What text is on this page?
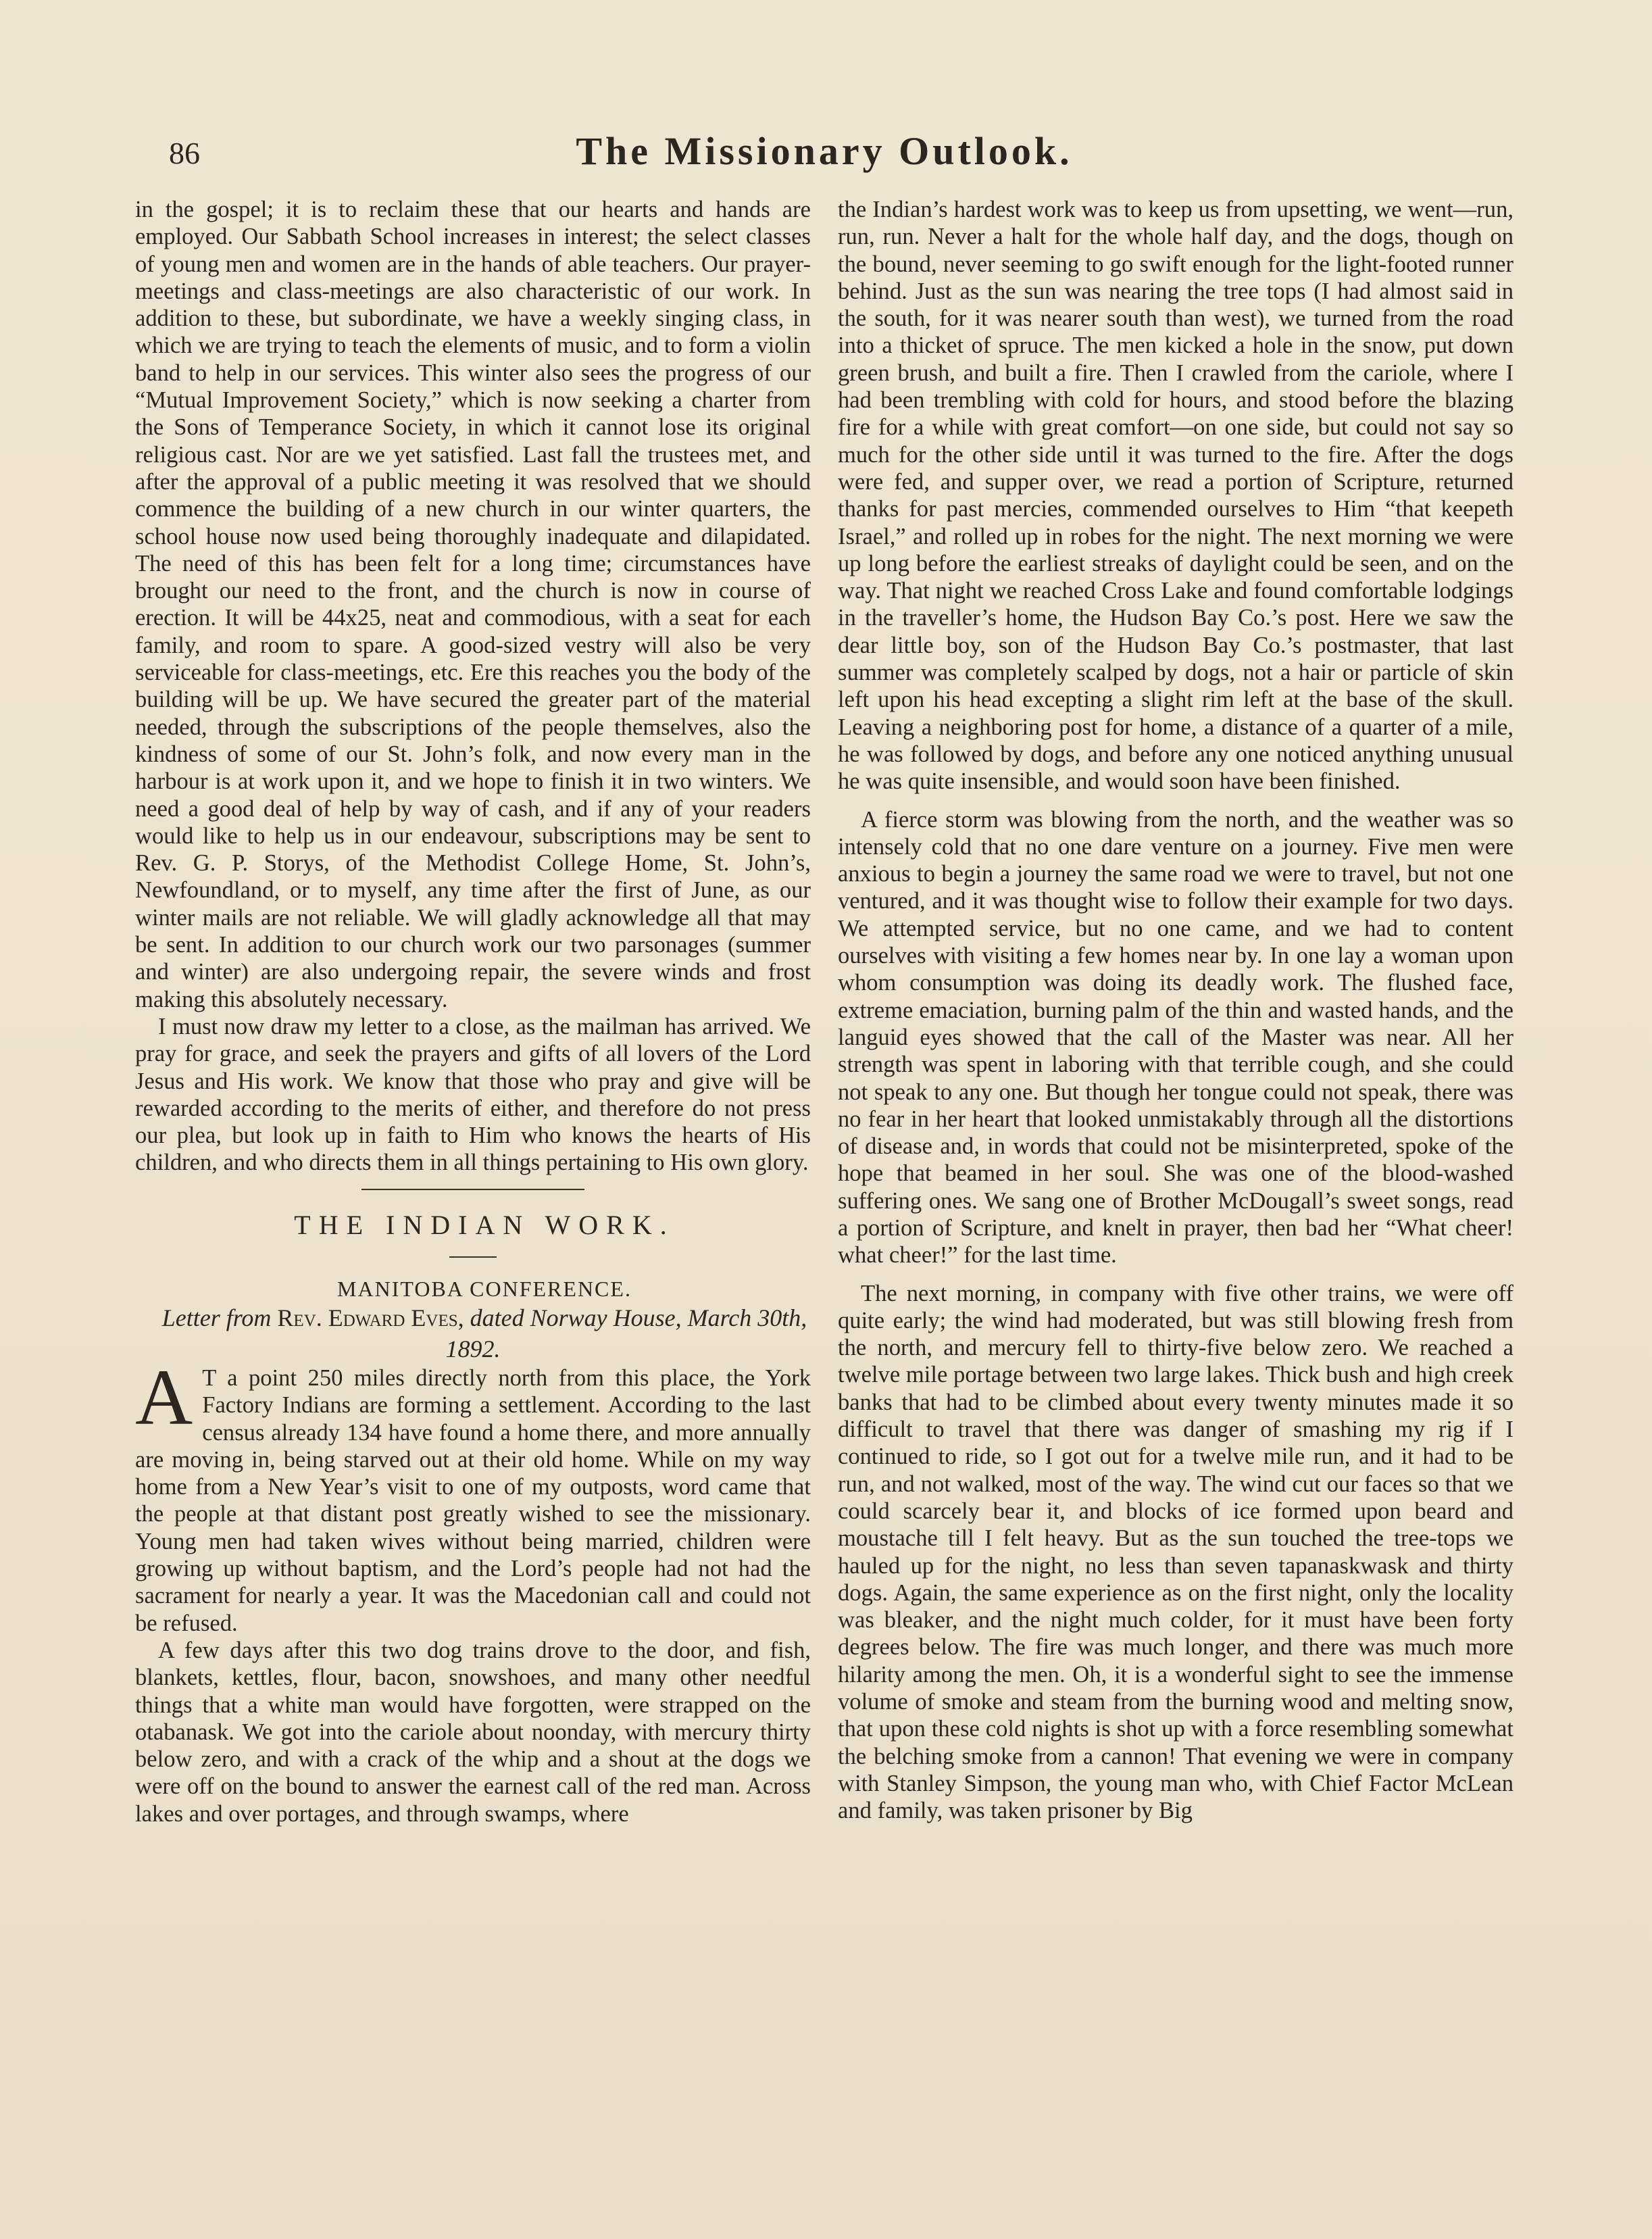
86	The Missionary Outlook.

in the gospel; it is to reclaim these that our hearts and hands are employed. Our Sabbath School increases in interest; the select classes of young men and women are in the hands of able teachers. Our prayer-meetings and class-meetings are also characteristic of our work. In addition to these, but subordinate, we have a weekly singing class, in which we are trying to teach the elements of music, and to form a violin band to help in our services. This winter also sees the progress of our “Mutual Improvement Society,” which is now seeking a charter from the Sons of Temperance Society, in which it cannot lose its original religious cast. Nor are we yet satisfied. Last fall the trustees met, and after the approval of a public meeting it was resolved that we should commence the building of a new church in our winter quarters, the school house now used being thoroughly inadequate and dilapidated. The need of this has been felt for a long time; circumstances have brought our need to the front, and the church is now in course of erection. It will be 44x25, neat and commodious, with a seat for each family, and room to spare. A good-sized vestry will also be very serviceable for class-meetings, etc. Ere this reaches you the body of the building will be up. We have secured the greater part of the material needed, through the subscriptions of the people themselves, also the kindness of some of our St. John’s folk, and now every man in the harbour is at work upon it, and we hope to finish it in two winters. We need a good deal of help by way of cash, and if any of your readers would like to help us in our endeavour, subscriptions may be sent to Rev. G. P. Storys, of the Methodist College Home, St. John’s, Newfoundland, or to myself, any time after the first of June, as our winter mails are not reliable. We will gladly acknowledge all that may be sent. In addition to our church work our two parsonages (summer and winter) are also undergoing repair, the severe winds and frost making this absolutely necessary.

I must now draw my letter to a close, as the mailman has arrived. We pray for grace, and seek the prayers and gifts of all lovers of the Lord Jesus and His work. We know that those who pray and give will be rewarded according to the merits of either, and therefore do not press our plea, but look up in faith to Him who knows the hearts of His children, and who directs them in all things pertaining to His own glory.

THE INDIAN WORK.

MANITOBA CONFERENCE.

Letter from Rev. Edward Eves, dated Norway House, March 30th, 1892.

A T a point 250 miles directly north from this place, the York Factory Indians are forming a settlement. According to the last census already 134 have found a home there, and more annually are moving in, being starved out at their old home. While on my way home from a New Year’s visit to one of my outposts, word came that the people at that distant post greatly wished to see the missionary. Young men had taken wives without being married, children were growing up without baptism, and the Lord’s people had not had the sacrament for nearly a year. It was the Macedonian call and could not be refused.

A few days after this two dog trains drove to the door, and fish, blankets, kettles, flour, bacon, snowshoes, and many other needful things that a white man would have forgotten, were strapped on the otabanask. We got into the cariole about noonday, with mercury thirty below zero, and with a crack of the whip and a shout at the dogs we were off on the bound to answer the earnest call of the red man. Across lakes and over portages, and through swamps, where

the Indian’s hardest work was to keep us from upsetting, we went—run, run, run. Never a halt for the whole half day, and the dogs, though on the bound, never seeming to go swift enough for the light-footed runner behind. Just as the sun was nearing the tree tops (I had almost said in the south, for it was nearer south than west), we turned from the road into a thicket of spruce. The men kicked a hole in the snow, put down green brush, and built a fire. Then I crawled from the cariole, where I had been trembling with cold for hours, and stood before the blazing fire for a while with great comfort—on one side, but could not say so much for the other side until it was turned to the fire. After the dogs were fed, and supper over, we read a portion of Scripture, returned thanks for past mercies, commended ourselves to Him “that keepeth Israel,” and rolled up in robes for the night. The next morning we were up long before the earliest streaks of daylight could be seen, and on the way. That night we reached Cross Lake and found comfortable lodgings in the traveller’s home, the Hudson Bay Co.’s post. Here we saw the dear little boy, son of the Hudson Bay Co.’s postmaster, that last summer was completely scalped by dogs, not a hair or particle of skin left upon his head excepting a slight rim left at the base of the skull. Leaving a neighboring post for home, a distance of a quarter of a mile, he was followed by dogs, and before any one noticed anything unusual he was quite insensible, and would soon have been finished.

A fierce storm was blowing from the north, and the weather was so intensely cold that no one dare venture on a journey. Five men were anxious to begin a journey the same road we were to travel, but not one ventured, and it was thought wise to follow their example for two days. We attempted service, but no one came, and we had to content ourselves with visiting a few homes near by. In one lay a woman upon whom consumption was doing its deadly work. The flushed face, extreme emaciation, burning palm of the thin and wasted hands, and the languid eyes showed that the call of the Master was near. All her strength was spent in laboring with that terrible cough, and she could not speak to any one. But though her tongue could not speak, there was no fear in her heart that looked unmistakably through all the distortions of disease and, in words that could not be misinterpreted, spoke of the hope that beamed in her soul. She was one of the blood-washed suffering ones. We sang one of Brother McDougall’s sweet songs, read a portion of Scripture, and knelt in prayer, then bad her “What cheer! what cheer!” for the last time.

The next morning, in company with five other trains, we were off quite early; the wind had moderated, but was still blowing fresh from the north, and mercury fell to thirty-five below zero. We reached a twelve mile portage between two large lakes. Thick bush and high creek banks that had to be climbed about every twenty minutes made it so difficult to travel that there was danger of smashing my rig if I continued to ride, so I got out for a twelve mile run, and it had to be run, and not walked, most of the way. The wind cut our faces so that we could scarcely bear it, and blocks of ice formed upon beard and moustache till I felt heavy. But as the sun touched the tree-tops we hauled up for the night, no less than seven tapanaskwask and thirty dogs. Again, the same experience as on the first night, only the locality was bleaker, and the night much colder, for it must have been forty degrees below. The fire was much longer, and there was much more hilarity among the men. Oh, it is a wonderful sight to see the immense volume of smoke and steam from the burning wood and melting snow, that upon these cold nights is shot up with a force resembling somewhat the belching smoke from a cannon! That evening we were in company with Stanley Simpson, the young man who, with Chief Factor McLean and family, was taken prisoner by Big
